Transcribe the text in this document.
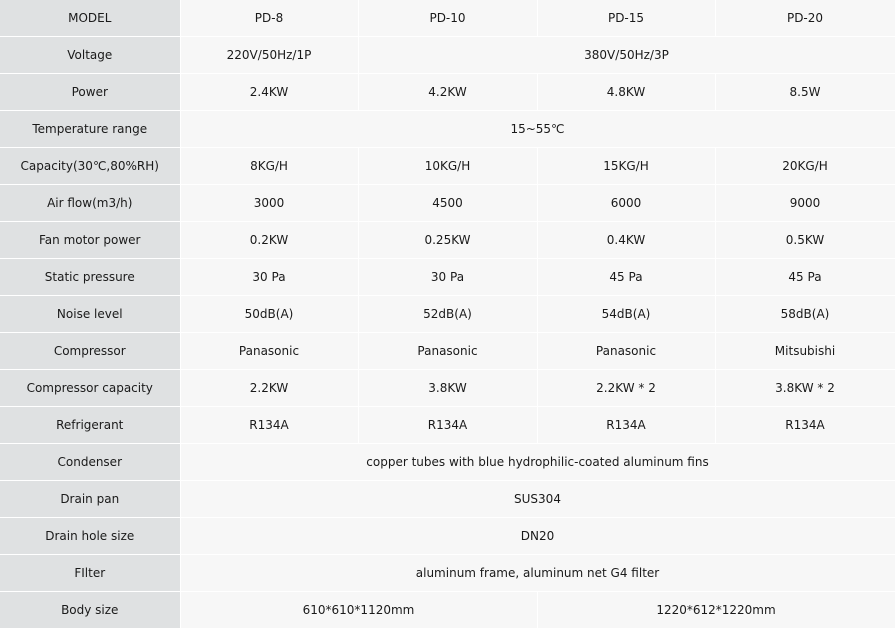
MODEL	PD-8	PD-10	PD-15	PD-20
Voltage	220V/50Hz/1P	380V/50Hz/3P		
Power	2.4KW	4.2KW	4.8KW	8.5W
Temperature range	15~55℃			
Capacity(30℃,80%RH)	8KG/H	10KG/H	15KG/H	20KG/H
Air flow(m3/h)	3000	4500	6000	9000
Fan motor power	0.2KW	0.25KW	0.4KW	0.5KW
Static pressure	30 Pa	30 Pa	45 Pa	45 Pa
Noise level	50dB(A)	52dB(A)	54dB(A)	58dB(A)
Compressor	Panasonic	Panasonic	Panasonic	Mitsubishi
Compressor capacity	2.2KW	3.8KW	2.2KW * 2	3.8KW * 2
Refrigerant	R134A	R134A	R134A	R134A
Condenser	copper tubes with blue hydrophilic-coated aluminum fins			
Drain pan	SUS304			
Drain hole size	DN20			
FIlter	aluminum frame, aluminum net G4 filter			
Body size	610*610*1120mm		1220*612*1220mm	
